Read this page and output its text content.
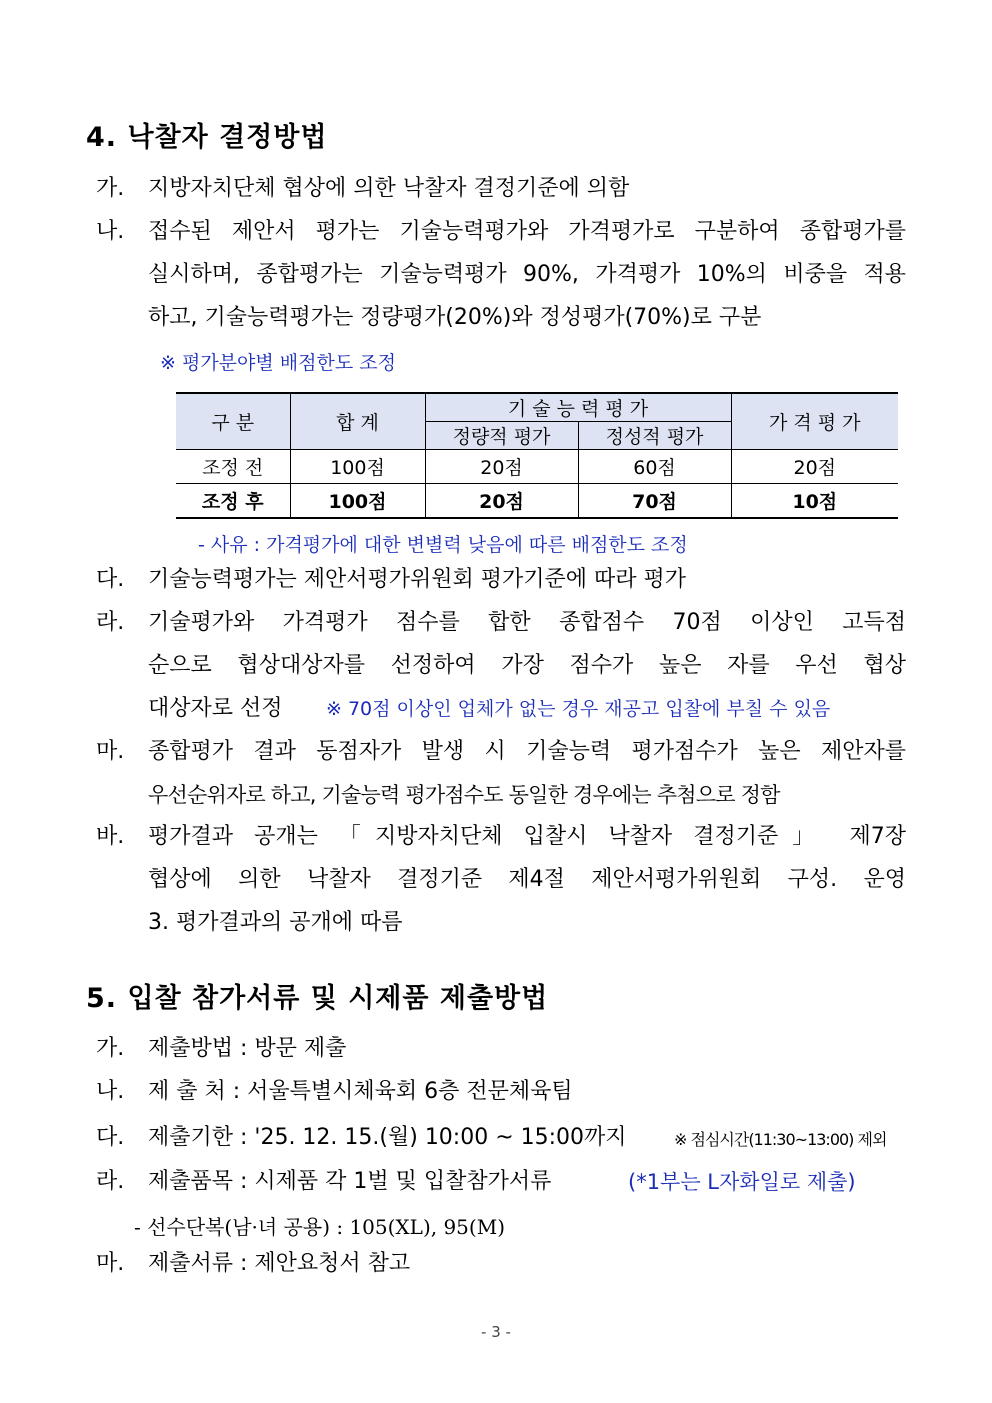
4. 낙찰자 결정방법
가.	지방자치단체 협상에 의한 낙찰자 결정기준에 의함
나.	접수된 제안서 평가는 기술능력평가와 가격평가로 구분하여 종합평가를
실시하며, 종합평가는 기술능력평가 90%, 가격평가 10%의 비중을 적용
하고, 기술능력평가는 정량평가(20%)와 정성평가(70%)로 구분
※ 평가분야별 배점한도 조정
구 분	합 계	기 술 능 력 평 가		가 격 평 가
		정량적 평가	정성적 평가	
조정 전	100점	20점	60점	20점
조정 후	100점	20점	70점	10점
- 사유 : 가격평가에 대한 변별력 낮음에 따른 배점한도 조정
다.	기술능력평가는 제안서평가위원회 평가기준에 따라 평가
라.	기술평가와 가격평가 점수를 합한 종합점수 70점 이상인 고득점
순으로 협상대상자를 선정하여 가장 점수가 높은 자를 우선 협상
대상자로 선정 ※ 70점 이상인 업체가 없는 경우 재공고 입찰에 부칠 수 있음
마.	종합평가 결과 동점자가 발생 시 기술능력 평가점수가 높은 제안자를
우선순위자로 하고, 기술능력 평가점수도 동일한 경우에는 추첨으로 정함
바.	평가결과 공개는 「지방자치단체 입찰시 낙찰자 결정기준」 제7장
협상에 의한 낙찰자 결정기준 제4절 제안서평가위원회 구성. 운영
3. 평가결과의 공개에 따름
5. 입찰 참가서류 및 시제품 제출방법
가.	제출방법 : 방문 제출
나.	제 출 처 : 서울특별시체육회 6층 전문체육팀
다.	제출기한 : '25. 12. 15.(월) 10:00 ~ 15:00까지	※ 점심시간(11:30~13:00) 제외
라.	제출품목 : 시제품 각 1벌 및 입찰참가서류	(*1부는 L자화일로 제출)
- 선수단복(남·녀 공용) : 105(XL), 95(M)
마.	제출서류 : 제안요청서 참고
- 3 -
